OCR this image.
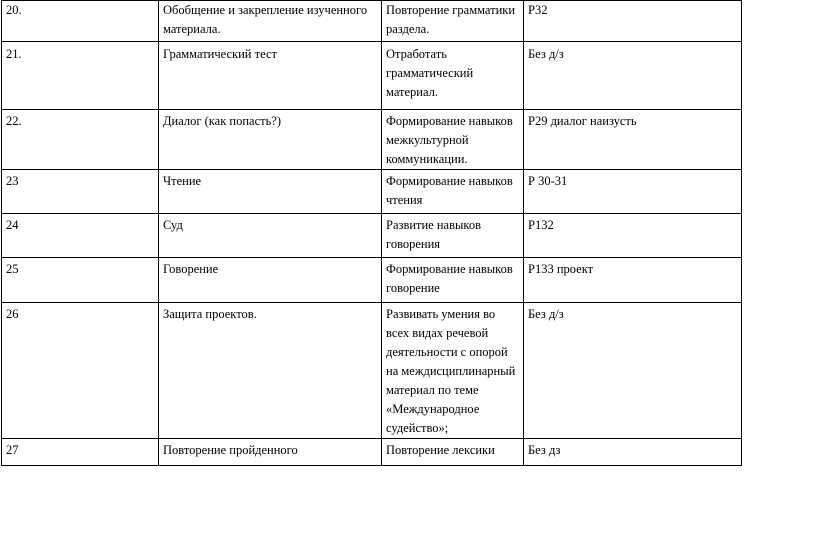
20.	Обобщение и закрепление изученного материала.	Повторение грамматики раздела.	Р32
21.	Грамматический тест	Отработать грамматический материал.	Без д/з
22.	Диалог (как попасть?)	Формирование навыков межкультурной коммуникации.	Р29 диалог наизусть
23	Чтение	Формирование навыков чтения	Р 30-31
24	Суд	Развитие навыков говорения	Р132
25	Говорение	Формирование навыков говорение	Р133 проект
26	Защита проектов.	Развивать умения во всех видах речевой деятельности с опорой на междисциплинарный материал по теме «Международное судейство»;	Без д/з
27	Повторение пройденного	Повторение лексики	Без дз
